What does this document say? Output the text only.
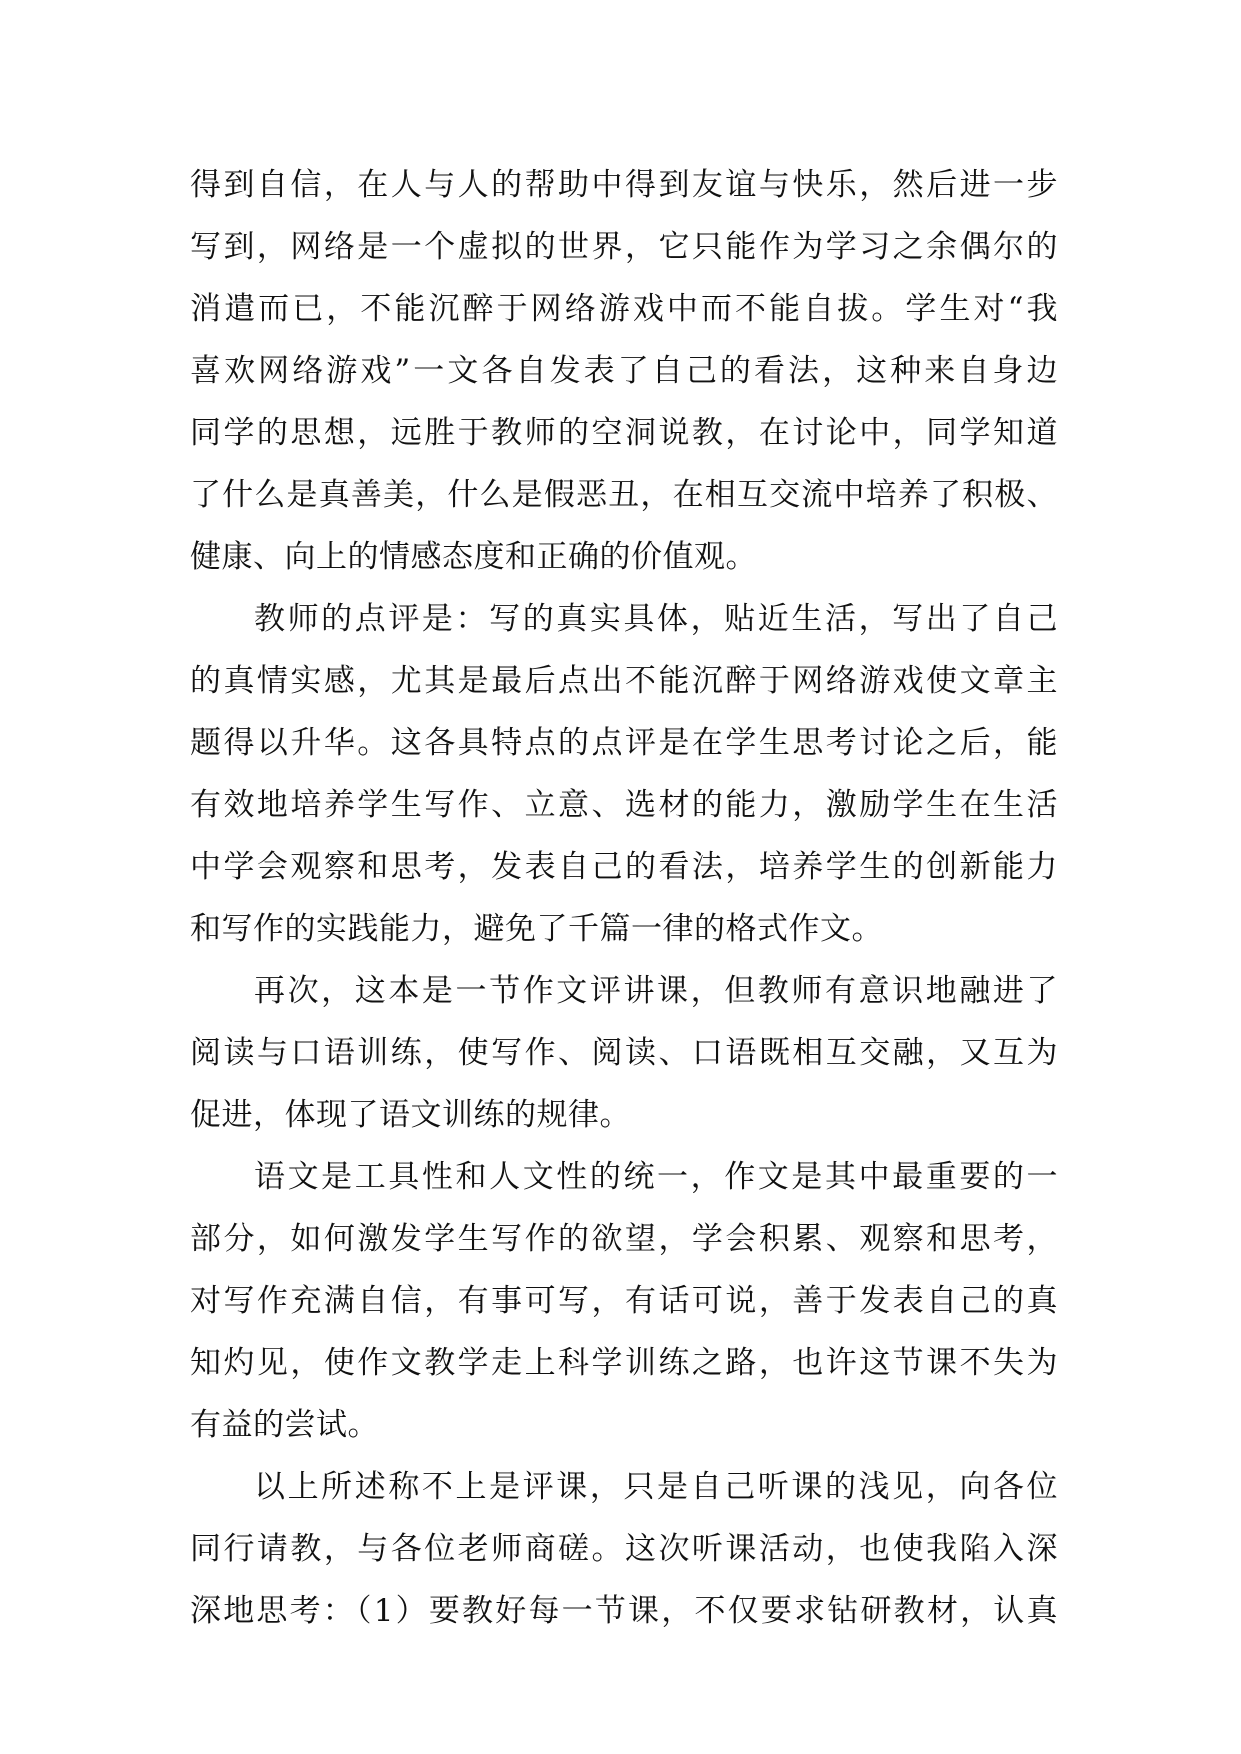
得到自信，在人与人的帮助中得到友谊与快乐，然后进一步
写到，网络是一个虚拟的世界，它只能作为学习之余偶尔的
消遣而已，不能沉醉于网络游戏中而不能自拔。学生对“我
喜欢网络游戏”一文各自发表了自己的看法，这种来自身边
同学的思想，远胜于教师的空洞说教，在讨论中，同学知道
了什么是真善美，什么是假恶丑，在相互交流中培养了积极、
健康、向上的情感态度和正确的价值观。
教师的点评是：写的真实具体，贴近生活，写出了自己
的真情实感，尤其是最后点出不能沉醉于网络游戏使文章主
题得以升华。这各具特点的点评是在学生思考讨论之后，能
有效地培养学生写作、立意、选材的能力，激励学生在生活
中学会观察和思考，发表自己的看法，培养学生的创新能力
和写作的实践能力，避免了千篇一律的格式作文。
再次，这本是一节作文评讲课，但教师有意识地融进了
阅读与口语训练，使写作、阅读、口语既相互交融，又互为
促进，体现了语文训练的规律。
语文是工具性和人文性的统一，作文是其中最重要的一
部分，如何激发学生写作的欲望，学会积累、观察和思考，
对写作充满自信，有事可写，有话可说，善于发表自己的真
知灼见，使作文教学走上科学训练之路，也许这节课不失为
有益的尝试。
以上所述称不上是评课，只是自己听课的浅见，向各位
同行请教，与各位老师商磋。这次听课活动，也使我陷入深
深地思考：（1）要教好每一节课，不仅要求钻研教材，认真
